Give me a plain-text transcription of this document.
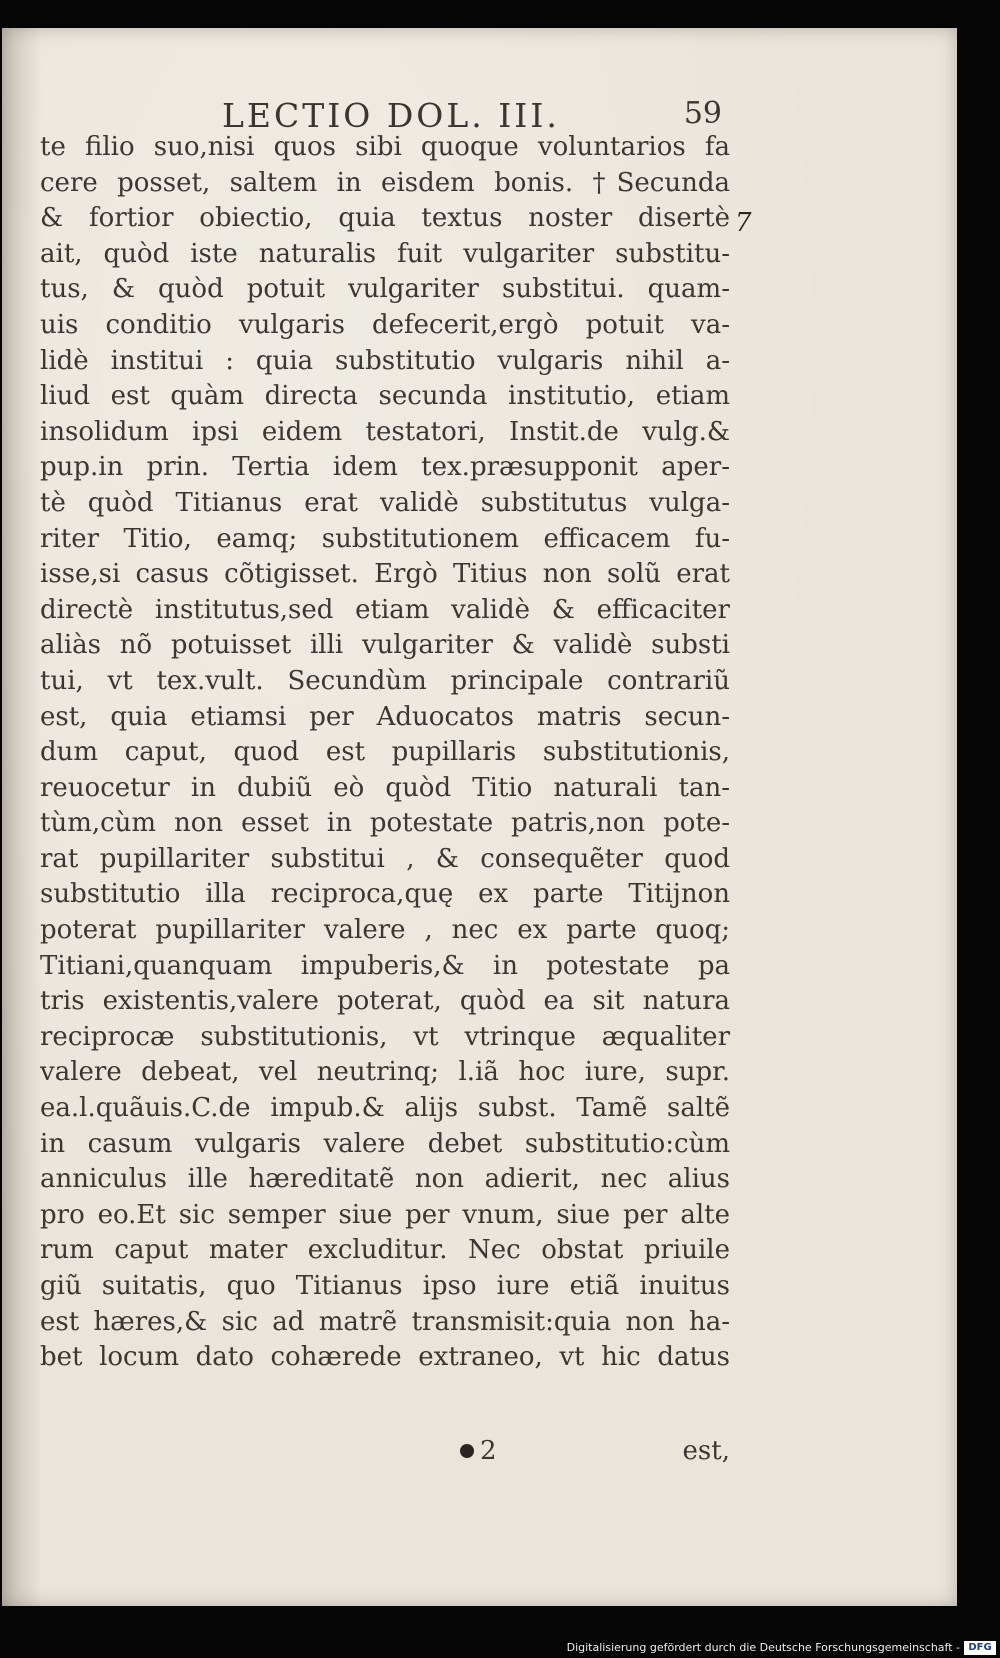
LECTIO DOL. III.	59
7
te filio suo,nisi quos sibi quoque voluntarios fa
cere posset, saltem in eisdem bonis. †Secunda
& fortior obiectio, quia textus noster disertè
ait, quòd iste naturalis fuit vulgariter substitu-
tus, & quòd potuit vulgariter substitui. quam-
uis conditio vulgaris defecerit,ergò potuit va-
lidè institui : quia substitutio vulgaris nihil a-
liud est quàm directa secunda institutio, etiam
insolidum ipsi eidem testatori, Instit.de vulg.&
pup.in prin. Tertia idem tex.præsupponit aper-
tè quòd Titianus erat validè substitutus vulga-
riter Titio, eamq; substitutionem efficacem fu-
isse,si casus cõtigisset. Ergò Titius non solũ erat
directè institutus,sed etiam validè & efficaciter
aliàs nõ potuisset illi vulgariter & validè substi
tui, vt tex.vult. Secundùm principale contrariũ
est, quia etiamsi per Aduocatos matris secun-
dum caput, quod est pupillaris substitutionis,
reuocetur in dubiũ eò quòd Titio naturali tan-
tùm,cùm non esset in potestate patris,non pote-
rat pupillariter substitui , & consequẽter quod
substitutio illa reciproca,quę ex parte Titijnon
poterat pupillariter valere , nec ex parte quoq;
Titiani,quanquam impuberis,& in potestate pa
tris existentis,valere poterat, quòd ea sit natura
reciprocæ substitutionis, vt vtrinque æqualiter
valere debeat, vel neutrinq; l.iã hoc iure, supr.
ea.l.quãuis.C.de impub.& alijs subst. Tamẽ saltẽ
in casum vulgaris valere debet substitutio:cùm
anniculus ille hæreditatẽ non adierit, nec alius
pro eo.Et sic semper siue per vnum, siue per alte
rum caput mater excluditur. Nec obstat priuile
giũ suitatis, quo Titianus ipso iure etiã inuitus
est hæres,& sic ad matrẽ transmisit:quia non ha-
bet locum dato cohærede extraneo, vt hic datus
2	est,
Digitalisierung gefördert durch die Deutsche Forschungsgemeinschaft - DFG
